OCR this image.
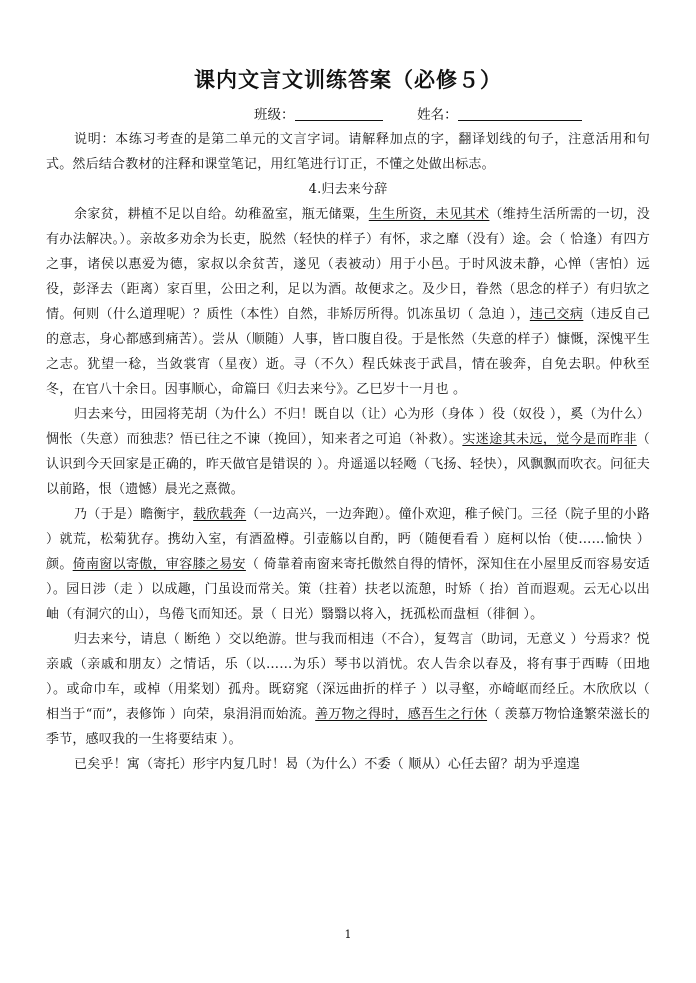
课内文言文训练答案（必修５）
班级：	姓名：

说明：本练习考查的是第二单元的文言字词。请解释加点的字，翻译划线的句子，注意活用和句式。然后结合教材的注释和课堂笔记，用红笔进行订正，不懂之处做出标志。

4.归去来兮辞

余家贫，耕植不足以自给。幼稚盈室，瓶无储粟，生生所资，未见其术（维持生活所需的一切，没有办法解决。）。亲故多劝余为长吏，脱然（轻快的样子）有怀，求之靡（没有）途。会（ 恰逢）有四方之事，诸侯以惠爱为德，家叔以余贫苦，遂见（表被动）用于小邑。于时风波未静，心惮（害怕）远役，彭泽去（距离）家百里，公田之利，足以为酒。故便求之。及少日，眷然（思念的样子）有归欤之情。何则（什么道理呢）？质性（本性）自然，非矫厉所得。饥冻虽切（ 急迫 ），违己交病（违反自己的意志，身心都感到痛苦）。尝从（顺随）人事，皆口腹自役。于是怅然（失意的样子）慷慨，深愧平生之志。犹望一稔，当敛裳宵（星夜）逝。寻（不久）程氏妹丧于武昌，情在骏奔，自免去职。仲秋至冬，在官八十余日。因事顺心，命篇曰《归去来兮》。乙巳岁十一月也 。

归去来兮，田园将芜胡（为什么）不归！既自以（让）心为形（身体 ）役（奴役 ），奚（为什么）惆怅（失意）而独悲？悟已往之不谏（挽回），知来者之可追（补救）。实迷途其未远，觉今是而昨非（ 认识到今天回家是正确的，昨天做官是错误的 ）。舟遥遥以轻飏（飞扬、轻快），风飘飘而吹衣。问征夫以前路，恨（遗憾）晨光之熹微。

乃（于是）瞻衡宇，载欣载奔（一边高兴，一边奔跑）。僮仆欢迎，稚子候门。三径（院子里的小路 ）就荒，松菊犹存。携幼入室，有酒盈樽。引壶觞以自酌，眄（随便看看 ）庭柯以怡（使……愉快 ）颜。倚南窗以寄傲，审容膝之易安（ 倚靠着南窗来寄托傲然自得的情怀，深知住在小屋里反而容易安适 ）。园日涉（走 ）以成趣，门虽设而常关。策（拄着）扶老以流憩，时矫（ 抬）首而遐观。云无心以出岫（有洞穴的山），鸟倦飞而知还。景（ 日光）翳翳以将入，抚孤松而盘桓（徘徊 ）。

归去来兮，请息（ 断绝 ）交以绝游。世与我而相违（不合），复驾言（助词，无意义 ）兮焉求？悦亲戚（亲戚和朋友）之情话，乐（以……为乐）琴书以消忧。农人告余以春及，将有事于西畴（田地 ）。或命巾车，或棹（用桨划）孤舟。既窈窕（深远曲折的样子 ）以寻壑，亦崎岖而经丘。木欣欣以（ 相当于“而”，表修饰 ）向荣，泉涓涓而始流。善万物之得时，感吾生之行休（ 羡慕万物恰逢繁荣滋长的季节，感叹我的一生将要结束 ）。

已矣乎！寓（寄托）形宇内复几时！曷（为什么）不委（ 顺从）心任去留？胡为乎遑遑

1
